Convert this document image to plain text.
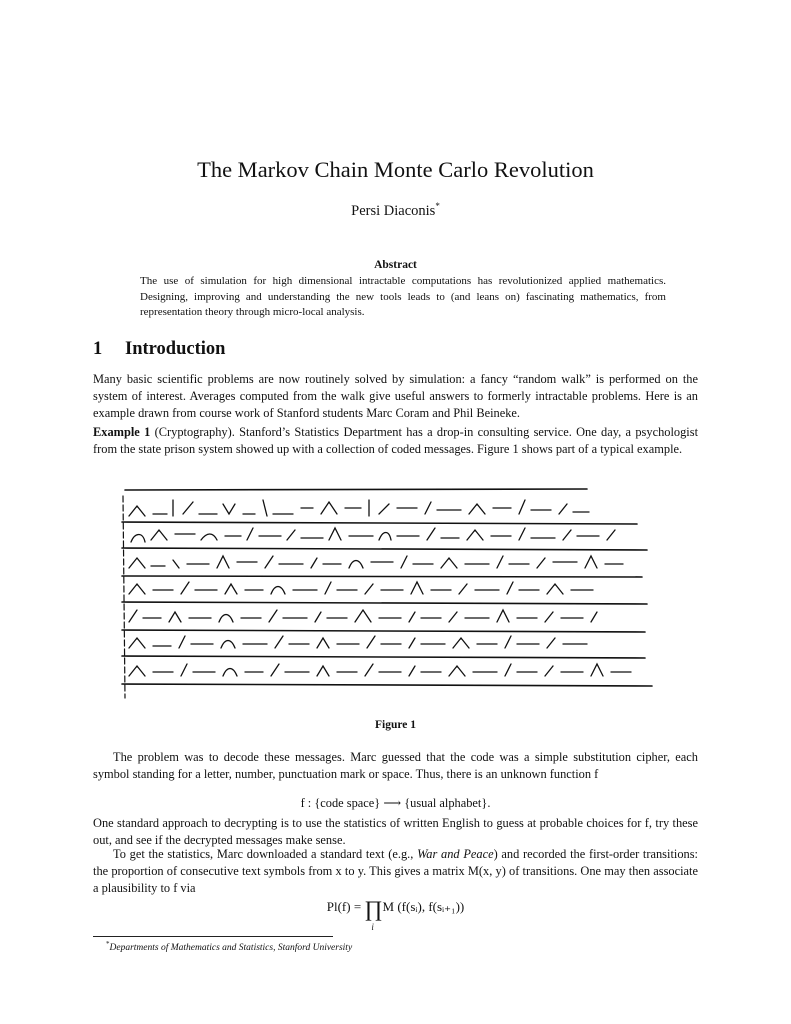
The Markov Chain Monte Carlo Revolution
Persi Diaconis*
Abstract
The use of simulation for high dimensional intractable computations has revolutionized applied mathematics. Designing, improving and understanding the new tools leads to (and leans on) fascinating mathematics, from representation theory through micro-local analysis.
1 Introduction
Many basic scientific problems are now routinely solved by simulation: a fancy “random walk” is performed on the system of interest. Averages computed from the walk give useful answers to formerly intractable problems. Here is an example drawn from course work of Stanford students Marc Coram and Phil Beineke.
Example 1 (Cryptography). Stanford’s Statistics Department has a drop-in consulting service. One day, a psychologist from the state prison system showed up with a collection of coded messages. Figure 1 shows part of a typical example.
Figure 1
The problem was to decode these messages. Marc guessed that the code was a simple substitution cipher, each symbol standing for a letter, number, punctuation mark or space. Thus, there is an unknown function f
f : {code space} ⟶ {usual alphabet}.
One standard approach to decrypting is to use the statistics of written English to guess at probable choices for f, try these out, and see if the decrypted messages make sense.
To get the statistics, Marc downloaded a standard text (e.g., War and Peace) and recorded the first-order transitions: the proportion of consecutive text symbols from x to y. This gives a matrix M(x, y) of transitions. One may then associate a plausibility to f via
Pl(f) = ∏
i
M (f(sᵢ), f(sᵢ₊₁))
*Departments of Mathematics and Statistics, Stanford University
